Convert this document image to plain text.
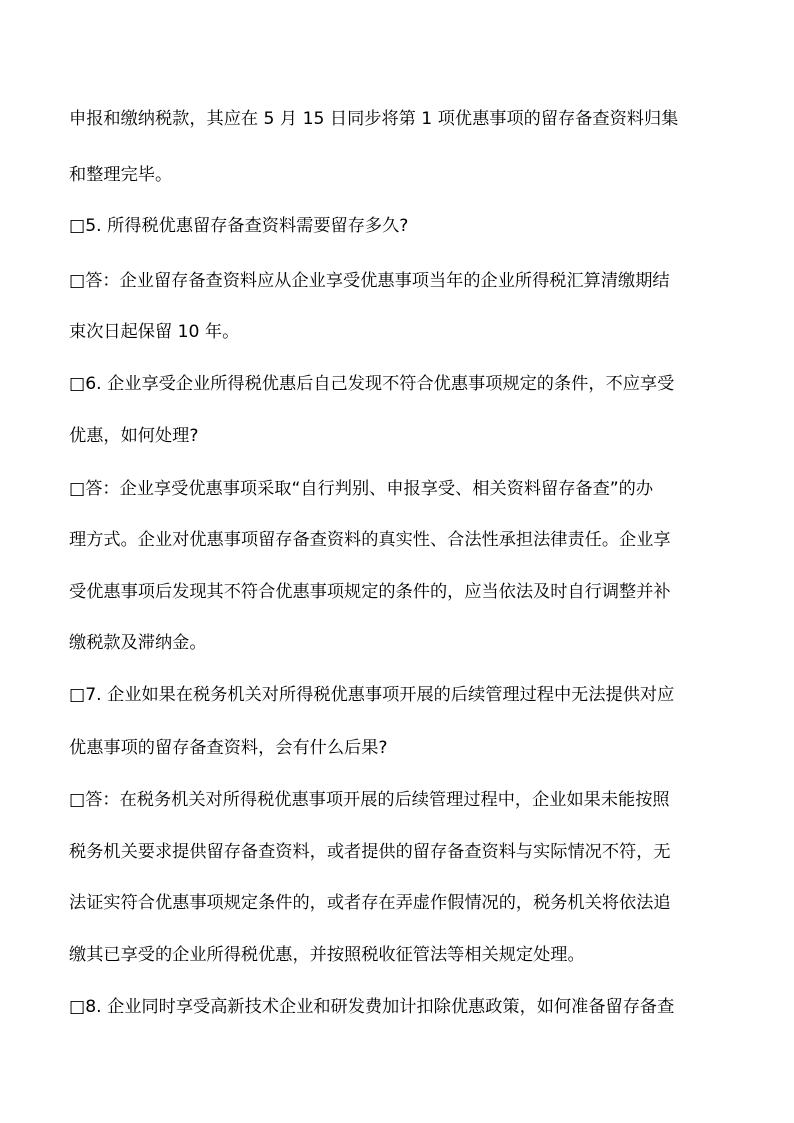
申报和缴纳税款，其应在 5 月 15 日同步将第 1 项优惠事项的留存备查资料归集
和整理完毕。
□5. 所得税优惠留存备查资料需要留存多久?
□答：企业留存备查资料应从企业享受优惠事项当年的企业所得税汇算清缴期结
束次日起保留 10 年。
□6. 企业享受企业所得税优惠后自己发现不符合优惠事项规定的条件，不应享受
优惠，如何处理?
□答：企业享受优惠事项采取“自行判别、申报享受、相关资料留存备查”的办
理方式。企业对优惠事项留存备查资料的真实性、合法性承担法律责任。企业享
受优惠事项后发现其不符合优惠事项规定的条件的，应当依法及时自行调整并补
缴税款及滞纳金。
□7. 企业如果在税务机关对所得税优惠事项开展的后续管理过程中无法提供对应
优惠事项的留存备查资料，会有什么后果?
□答：在税务机关对所得税优惠事项开展的后续管理过程中，企业如果未能按照
税务机关要求提供留存备查资料，或者提供的留存备查资料与实际情况不符，无
法证实符合优惠事项规定条件的，或者存在弄虚作假情况的，税务机关将依法追
缴其已享受的企业所得税优惠，并按照税收征管法等相关规定处理。
□8. 企业同时享受高新技术企业和研发费加计扣除优惠政策，如何准备留存备查
